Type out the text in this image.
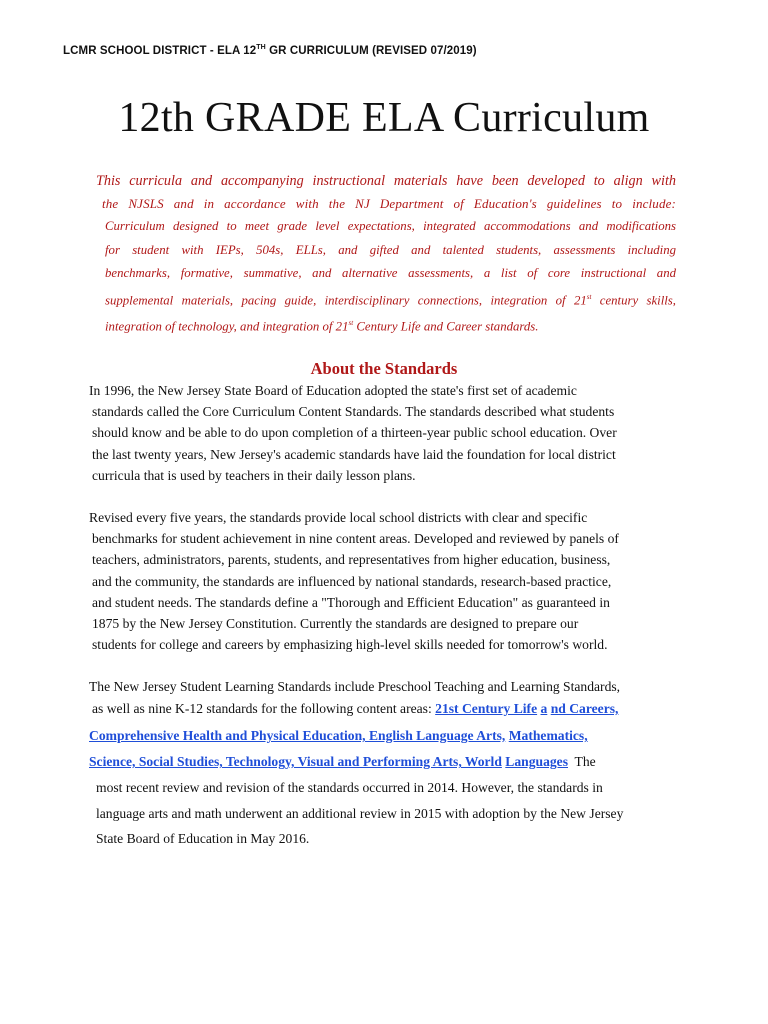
LCMR SCHOOL DISTRICT - ELA 12TH GR CURRICULUM (REVISED 07/2019)
12th GRADE ELA Curriculum
This curricula and accompanying instructional materials have been developed to align with
the NJSLS and in accordance with the NJ Department of Education's guidelines to include:
Curriculum designed to meet grade level expectations, integrated accommodations and modifications
for student with IEPs, 504s, ELLs, and gifted and talented students, assessments including
benchmarks, formative, summative, and alternative assessments, a list of core instructional and
supplemental materials, pacing guide, interdisciplinary connections, integration of 21st century skills,
integration of technology, and integration of 21st Century Life and Career standards.
About the Standards
In 1996, the New Jersey State Board of Education adopted the state's first set of academic
standards called the Core Curriculum Content Standards. The standards described what students
should know and be able to do upon completion of a thirteen-year public school education. Over
the last twenty years, New Jersey's academic standards have laid the foundation for local district
curricula that is used by teachers in their daily lesson plans.
Revised every five years, the standards provide local school districts with clear and specific
benchmarks for student achievement in nine content areas. Developed and reviewed by panels of
teachers, administrators, parents, students, and representatives from higher education, business,
and the community, the standards are influenced by national standards, research-based practice,
and student needs. The standards define a "Thorough and Efficient Education" as guaranteed in
1875 by the New Jersey Constitution. Currently the standards are designed to prepare our
students for college and careers by emphasizing high-level skills needed for tomorrow's world.
The New Jersey Student Learning Standards include Preschool Teaching and Learning Standards,
as well as nine K-12 standards for the following content areas: 21st Century Life a nd Careers,
Comprehensive Health and Physical Education, English Language Arts, Mathematics,
Science, Social Studies, Technology, Visual and Performing Arts, World Languages  The
most recent review and revision of the standards occurred in 2014. However, the standards in
language arts and math underwent an additional review in 2015 with adoption by the New Jersey
State Board of Education in May 2016.
